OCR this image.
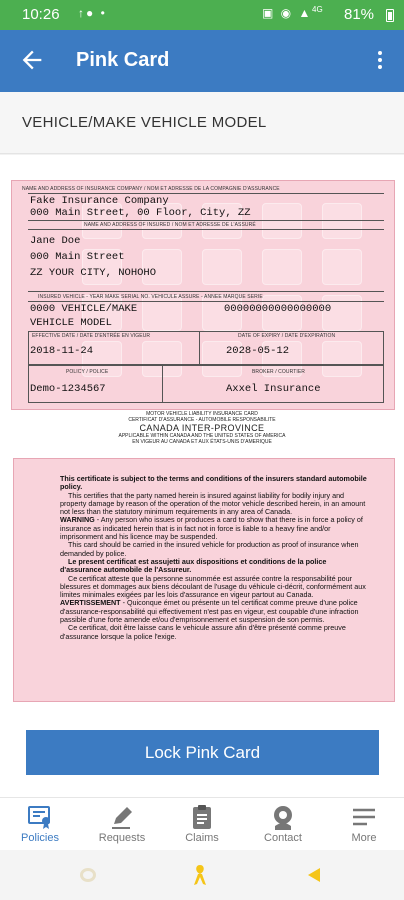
10:26 ↑● •	▣ ◉ ▲ 4G 81%
Pink Card
VEHICLE/MAKE VEHICLE MODEL
NAME AND ADDRESS OF INSURANCE COMPANY / NOM ET ADRESSE DE LA COMPAGNIE D'ASSURANCE
Fake Insurance Company
000 Main Street, 00 Floor, City, ZZ
NAME AND ADDRESS OF INSURED / NOM ET ADRESSE DE L'ASSURÉ
Jane Doe
000 Main Street
ZZ YOUR CITY, NOHOHO
INSURED VEHICLE - YEAR MAKE SERIAL NO. VEHICULE ASSURE - ANNEE MARQUE SERIE
0000 VEHICLE/MAKE	00000000000000000
VEHICLE MODEL
EFFECTIVE DATE / DATE D'ENTRÉE EN VIGEUR	DATE OF EXPIRY / DATE D'EXPIRATION
2018-11-24	2028-05-12
POLICY / POLICE	BROKER / COURTIER
Demo-1234567	Axxel Insurance
MOTOR VEHICLE LIABILITY INSURANCE CARD
CERTIFICAT D'ASSURANCE - AUTOMOBILE RESPONSABILITE
CANADA INTER-PROVINCE
APPLICABLE WITHIN CANADA AND THE UNITED STATES OF AMERICA
EN VIGEUR AU CANADA ET AUX ÉTATS-UNIS D'AMERIQUE

This certificate is subject to the terms and conditions of the insurers standard automobile policy.

This certifies that the party named herein is insured against liability for bodily injury and property damage by reason of the operation of the motor vehicle described herein, in an amount not less than the statutory minimum requirements in any area of Canada.

WARNING - Any person who issues or produces a card to show that there is in force a policy of insurance as indicated herein that is in fact not in force is liable to a heavy fine and/or imprisonment and his licence may be suspended.

This card should be carried in the insured vehicle for production as proof of insurance when demanded by police.

Le present certificat est assujetti aux dispositions et conditions de la police d'assurance automobile de l'Assureur.

Ce certificat atteste que la personne sunommée est assurée contre la responsabilité pour blessures et dommages aux biens découlant de l'usage du véhicule ci-décrit, conformément aux limites minimales exigées par les lois d'assurance en vigeur partout au Canada.

AVERTISSEMENT - Quiconque émet ou présente un tel certificat comme preuve d'une police d'assurance-responsabilité qui effectivement n'est pas en vigeur, est coupable d'une infraction passible d'une forte amende et/ou d'emprisonnement et suspension de son permis.

Ce certificat, doit être laisse cans le vehicule assure afin d'être présenté comme preuve d'assurance lorsque la police l'exige.

Lock Pink Card
Policies	Requests	Claims	Contact	More
